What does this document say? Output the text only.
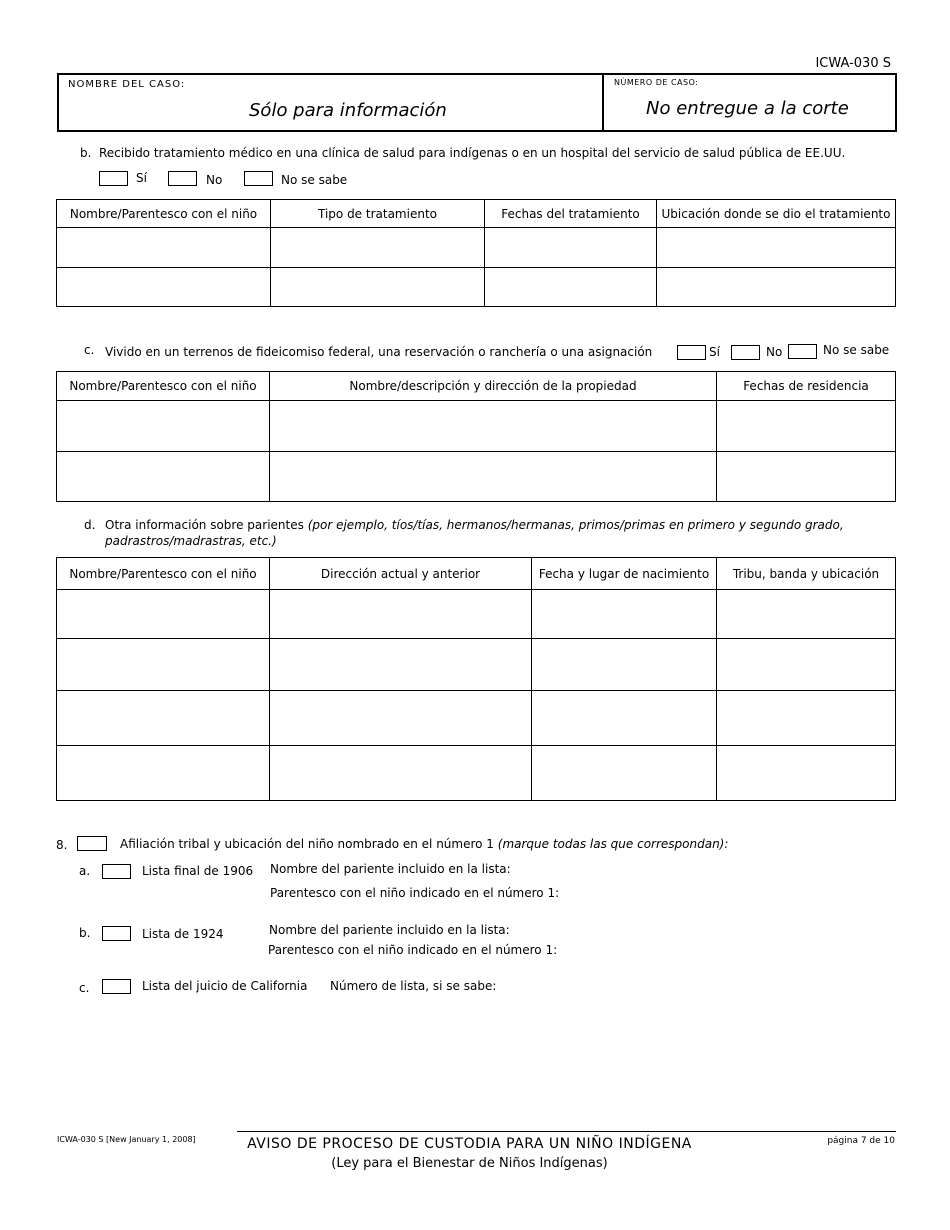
ICWA-030 S
NOMBRE DEL CASO:
Sólo para información
NÚMERO DE CASO:
No entregue a la corte
b. Recibido tratamiento médico en una clínica de salud para indígenas o en un hospital del servicio de salud pública de EE.UU.
Sí	No	No se sabe
Nombre/Parentesco con el niño	Tipo de tratamiento	Fechas del tratamiento	Ubicación donde se dio el tratamiento

c. Vivido en un terrenos de fideicomiso federal, una reservación o ranchería o una asignación	Sí	No	No se sabe
Nombre/Parentesco con el niño	Nombre/descripción y dirección de la propiedad	Fechas de residencia

d. Otra información sobre parientes (por ejemplo, tíos/tías, hermanos/hermanas, primos/primas en primero y segundo grado,
padrastros/madrastras, etc.)
Nombre/Parentesco con el niño	Dirección actual y anterior	Fecha y lugar de nacimiento	Tribu, banda y ubicación

8.	Afiliación tribal y ubicación del niño nombrado en el número 1 (marque todas las que correspondan):
a.	Lista final de 1906 Nombre del pariente incluido en la lista:
Parentesco con el niño indicado en el número 1:
b.	Lista de 1924	Nombre del pariente incluido en la lista:
Parentesco con el niño indicado en el número 1:
c.	Lista del juicio de California Número de lista, si se sabe:
ICWA-030 S [New January 1, 2008]	AVISO DE PROCESO DE CUSTODIA PARA UN NIÑO INDÍGENA
(Ley para el Bienestar de Niños Indígenas)
página 7 de 10
